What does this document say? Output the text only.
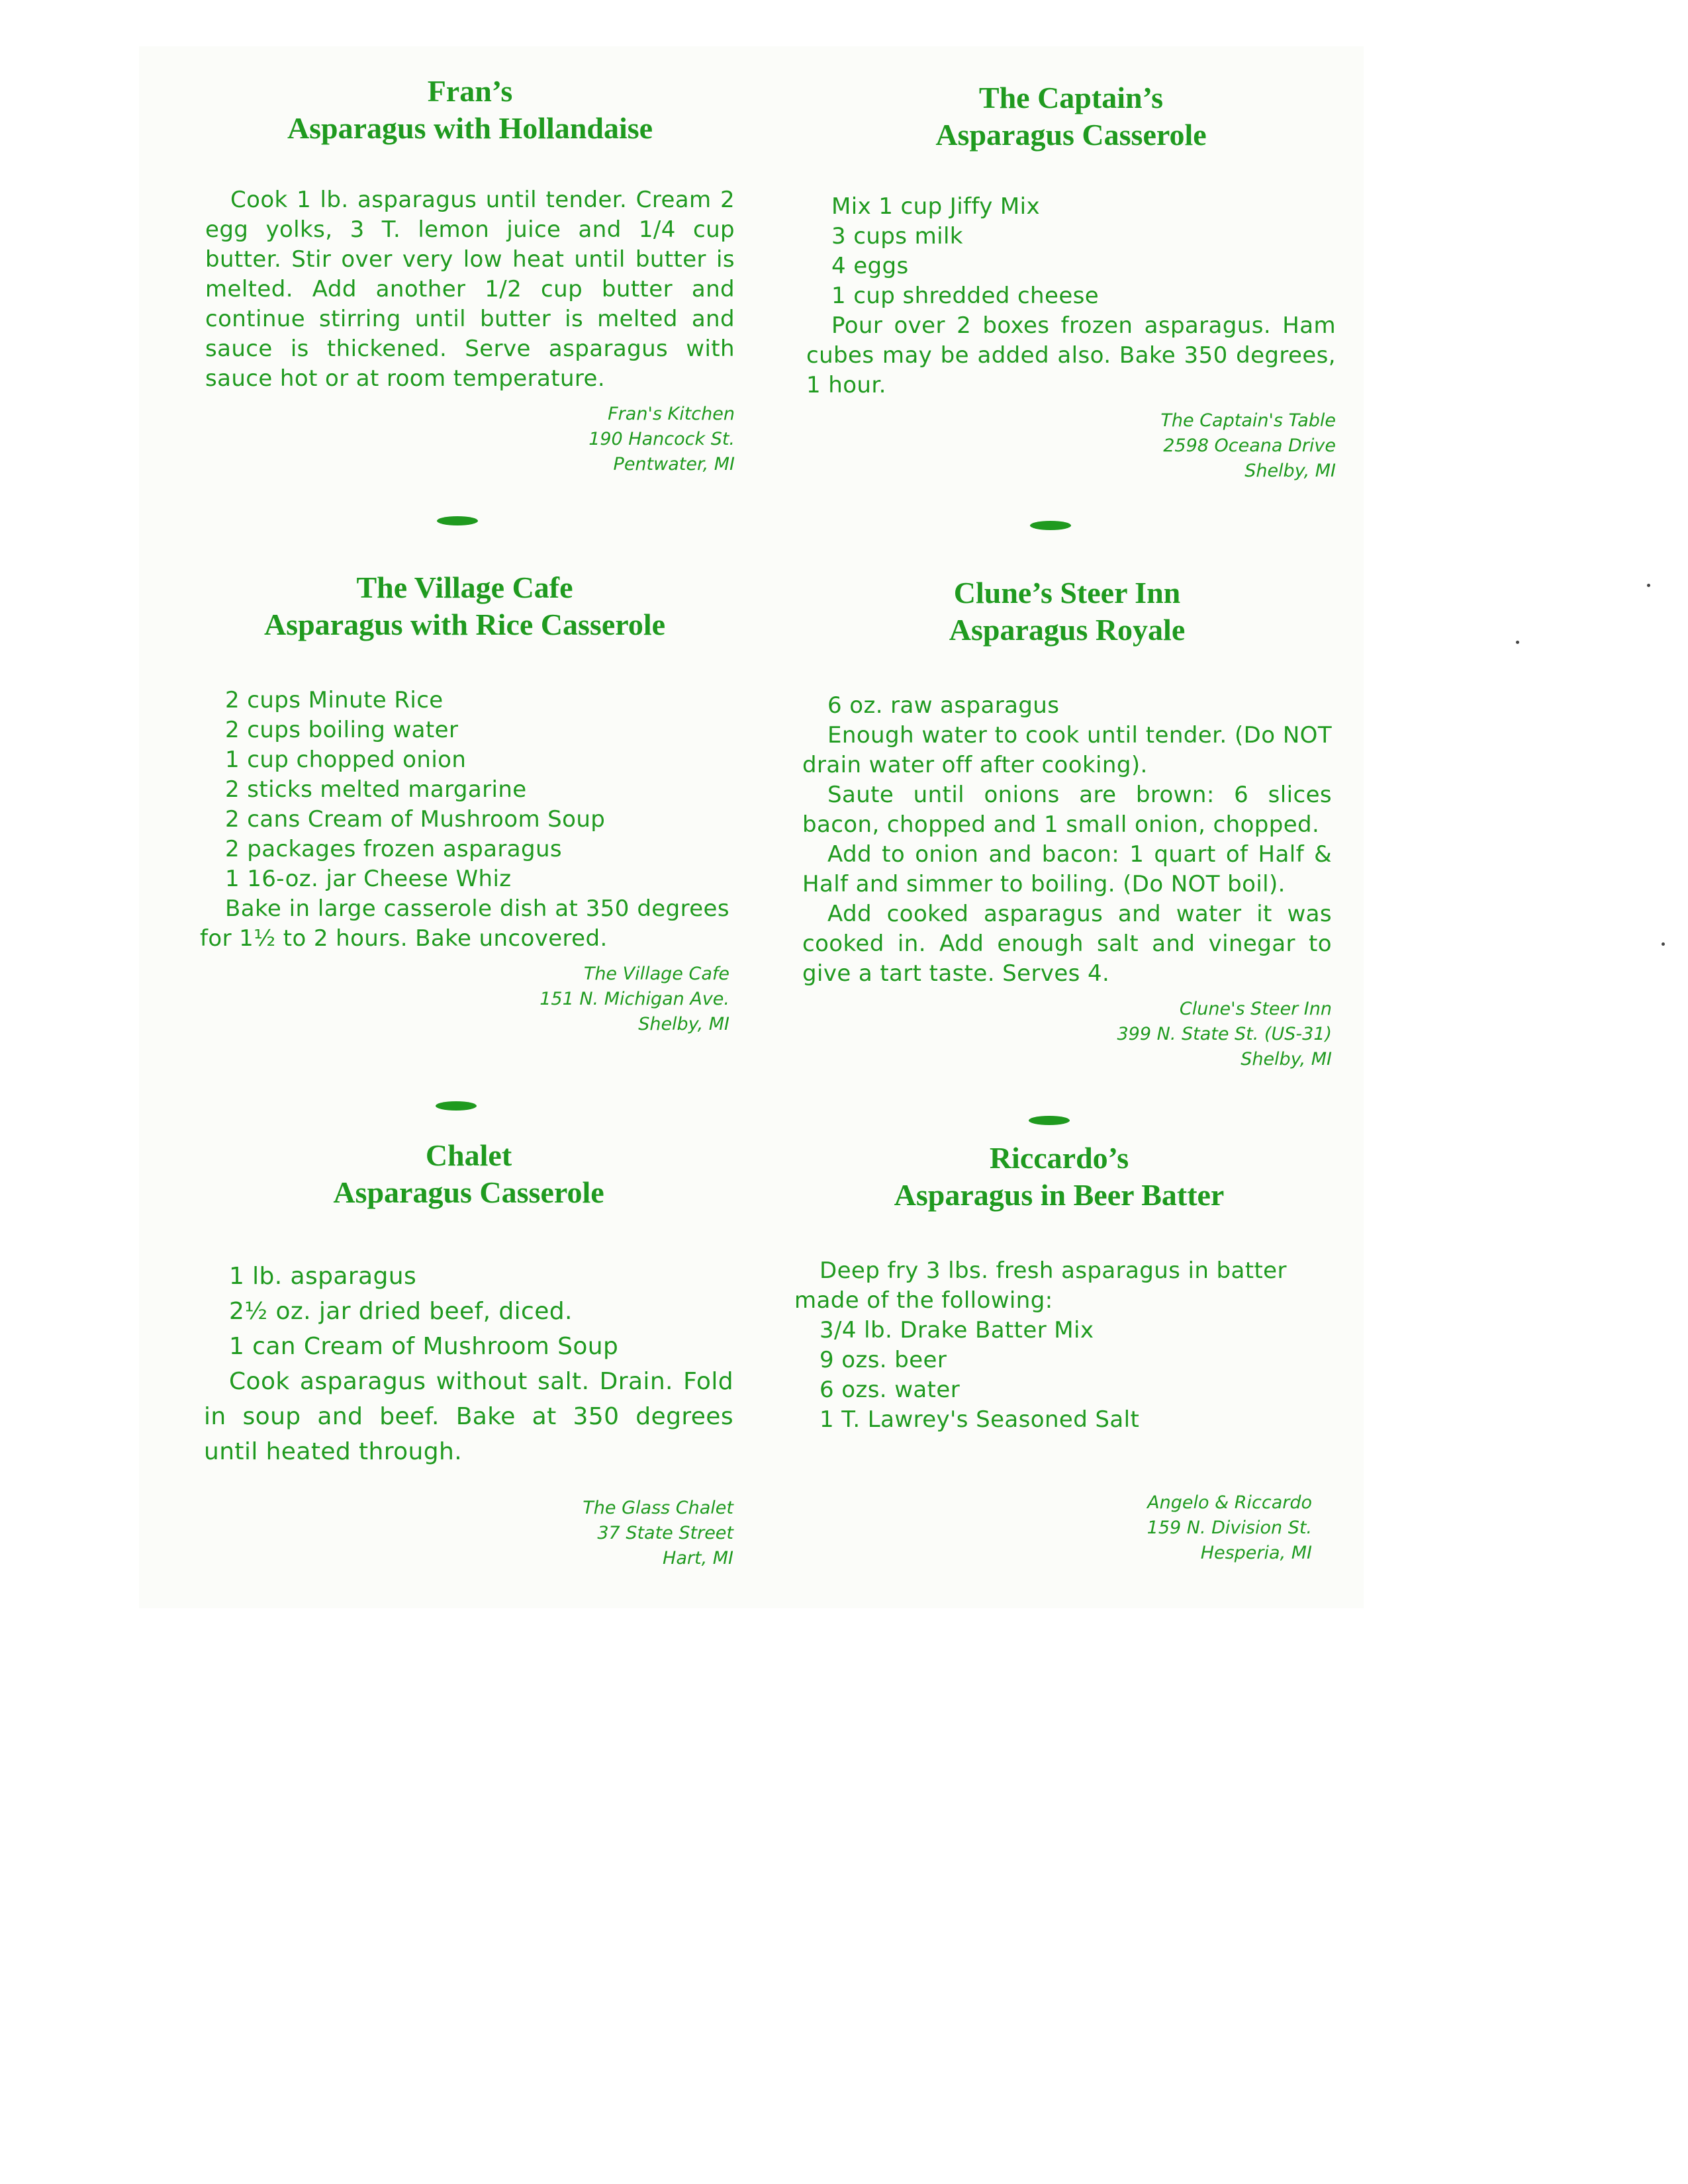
Fran’s
Asparagus with Hollandaise
Cook 1 lb. asparagus until tender. Cream 2 egg yolks, 3 T. lemon juice and 1/4 cup butter. Stir over very low heat until butter is melted. Add another 1/2 cup butter and continue stirring until butter is melted and sauce is thickened. Serve asparagus with sauce hot or at room temperature.
Fran's Kitchen
190 Hancock St.
Pentwater, MI
The Captain’s
Asparagus Casserole
Mix 1 cup Jiffy Mix
3 cups milk
4 eggs
1 cup shredded cheese
Pour over 2 boxes frozen asparagus. Ham cubes may be added also. Bake 350 degrees, 1 hour.
The Captain's Table
2598 Oceana Drive
Shelby, MI
The Village Cafe
Asparagus with Rice Casserole
2 cups Minute Rice
2 cups boiling water
1 cup chopped onion
2 sticks melted margarine
2 cans Cream of Mushroom Soup
2 packages frozen asparagus
1 16-oz. jar Cheese Whiz
Bake in large casserole dish at 350 degrees for 1½ to 2 hours. Bake uncovered.
The Village Cafe
151 N. Michigan Ave.
Shelby, MI
Clune’s Steer Inn
Asparagus Royale
6 oz. raw asparagus
Enough water to cook until tender. (Do NOT drain water off after cooking).
Saute until onions are brown: 6 slices bacon, chopped and 1 small onion, chopped.
Add to onion and bacon: 1 quart of Half & Half and simmer to boiling. (Do NOT boil).
Add cooked asparagus and water it was cooked in. Add enough salt and vinegar to give a tart taste. Serves 4.
Clune's Steer Inn
399 N. State St. (US-31)
Shelby, MI
Chalet
Asparagus Casserole
1 lb. asparagus
2½ oz. jar dried beef, diced.
1 can Cream of Mushroom Soup
Cook asparagus without salt. Drain. Fold in soup and beef. Bake at 350 degrees until heated through.
The Glass Chalet
37 State Street
Hart, MI
Riccardo’s
Asparagus in Beer Batter
Deep fry 3 lbs. fresh asparagus in batter made of the following:
3/4 lb. Drake Batter Mix
9 ozs. beer
6 ozs. water
1 T. Lawrey's Seasoned Salt
Angelo & Riccardo
159 N. Division St.
Hesperia, MI
